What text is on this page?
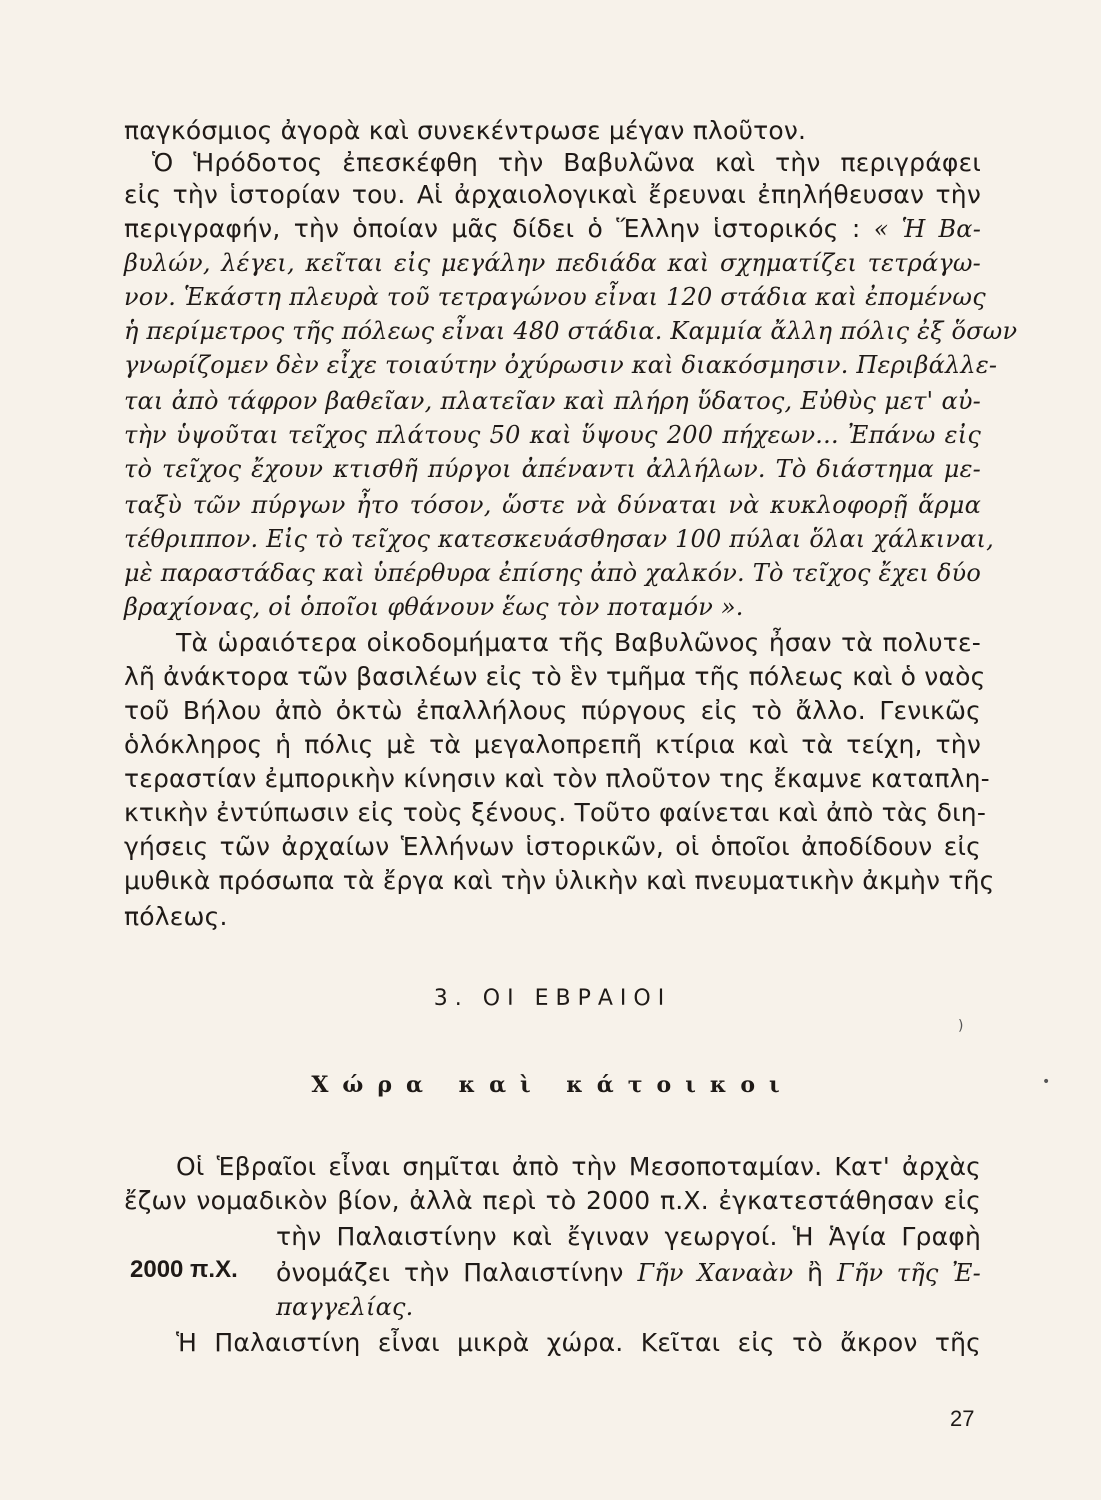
παγκόσμιος ἀγορὰ καὶ συνεκέντρωσε μέγαν πλοῦτον.
Ὁ Ἡρόδοτος ἐπεσκέφθη τὴν Βαβυλῶνα καὶ τὴν περιγράφει
εἰς τὴν ἱστορίαν του. Αἱ ἀρχαιολογικαὶ ἔρευναι ἐπηλήθευσαν τὴν
περιγραφήν, τὴν ὁποίαν μᾶς δίδει ὁ Ἕλλην ἱστορικός : « Ἡ Βα-
βυλών, λέγει, κεῖται εἰς μεγάλην πεδιάδα καὶ σχηματίζει τετράγω-
νον. Ἑκάστη πλευρὰ τοῦ τετραγώνου εἶναι 120 στάδια καὶ ἐπομένως
ἡ περίμετρος τῆς πόλεως εἶναι 480 στάδια. Καμμία ἄλλη πόλις ἐξ ὅσων
γνωρίζομεν δὲν εἶχε τοιαύτην ὀχύρωσιν καὶ διακόσμησιν. Περιβάλλε-
ται ἀπὸ τάφρον βαθεῖαν, πλατεῖαν καὶ πλήρη ὕδατος, Εὐθὺς μετ' αὐ-
τὴν ὑψοῦται τεῖχος πλάτους 50 καὶ ὕψους 200 πήχεων... Ἐπάνω εἰς
τὸ τεῖχος ἔχουν κτισθῆ πύργοι ἀπέναντι ἀλλήλων. Τὸ διάστημα με-
ταξὺ τῶν πύργων ἦτο τόσον, ὥστε νὰ δύναται νὰ κυκλοφορῇ ἅρμα
τέθριππον. Εἰς τὸ τεῖχος κατεσκευάσθησαν 100 πύλαι ὅλαι χάλκιναι,
μὲ παραστάδας καὶ ὑπέρθυρα ἐπίσης ἀπὸ χαλκόν. Τὸ τεῖχος ἔχει δύο
βραχίονας, οἱ ὁποῖοι φθάνουν ἕως τὸν ποταμόν ».
Τὰ ὡραιότερα οἰκοδομήματα τῆς Βαβυλῶνος ἦσαν τὰ πολυτε-
λῆ ἀνάκτορα τῶν βασιλέων εἰς τὸ ἓν τμῆμα τῆς πόλεως καὶ ὁ ναὸς
τοῦ Βήλου ἀπὸ ὀκτὼ ἐπαλλήλους πύργους εἰς τὸ ἄλλο. Γενικῶς
ὁλόκληρος ἡ πόλις μὲ τὰ μεγαλοπρεπῆ κτίρια καὶ τὰ τείχη, τὴν
τεραστίαν ἐμπορικὴν κίνησιν καὶ τὸν πλοῦτον της ἔκαμνε καταπλη-
κτικὴν ἐντύπωσιν εἰς τοὺς ξένους. Τοῦτο φαίνεται καὶ ἀπὸ τὰς διη-
γήσεις τῶν ἀρχαίων Ἑλλήνων ἱστορικῶν, οἱ ὁποῖοι ἀποδίδουν εἰς
μυθικὰ πρόσωπα τὰ ἔργα καὶ τὴν ὑλικὴν καὶ πνευματικὴν ἀκμὴν τῆς
πόλεως.
3. ΟΙ ΕΒΡΑΙΟΙ
)
Χώρα καὶ κάτοικοι	•
Οἱ Ἑβραῖοι εἶναι σημῖται ἀπὸ τὴν Μεσοποταμίαν. Κατ' ἀρχὰς
ἔζων νομαδικὸν βίον, ἀλλὰ περὶ τὸ 2000 π.Χ. ἐγκατεστάθησαν εἰς
τὴν Παλαιστίνην καὶ ἔγιναν γεωργοί. Ἡ Ἁγία Γραφὴ
2000 π.Χ. ὀνομάζει τὴν Παλαιστίνην Γῆν Χαναὰν ἢ Γῆν τῆς Ἐ-
παγγελίας.
Ἡ Παλαιστίνη εἶναι μικρὰ χώρα. Κεῖται εἰς τὸ ἄκρον τῆς
27
